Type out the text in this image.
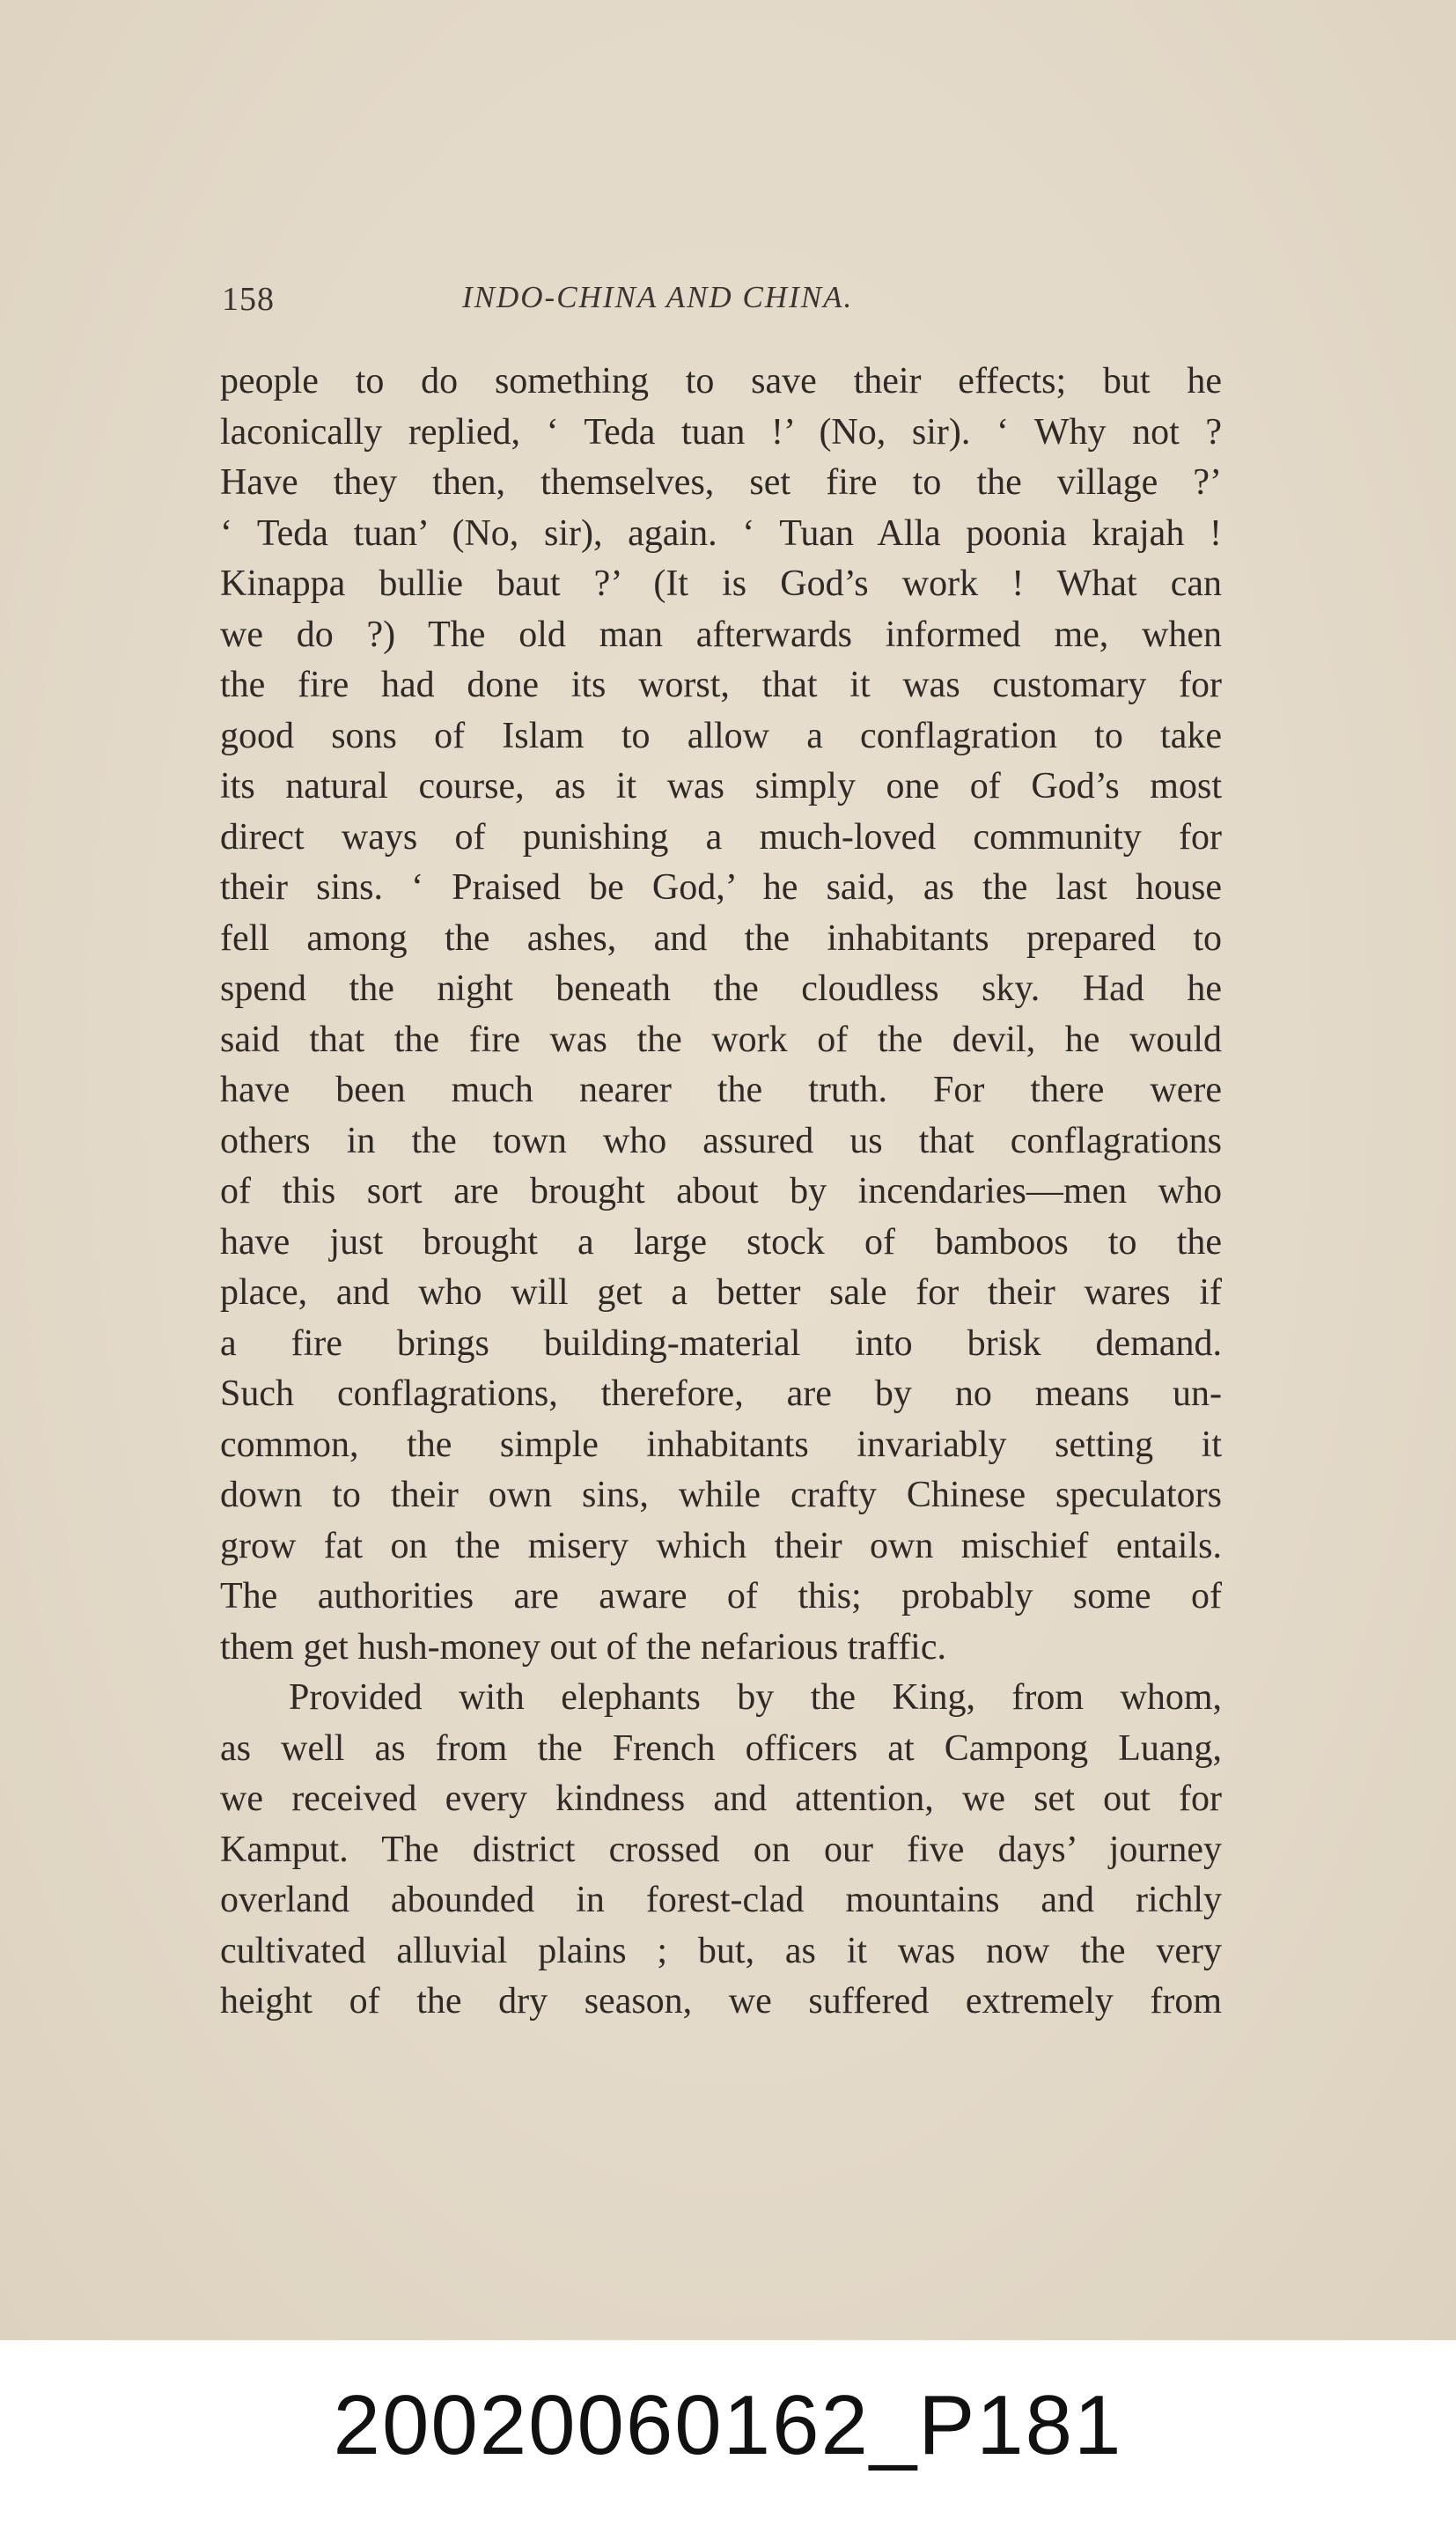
158	INDO-CHINA AND CHINA.
people to do something to save their effects; but he
laconically replied, ‘ Teda tuan !’ (No, sir). ‘ Why not ?
Have they then, themselves, set fire to the village ?’
‘ Teda tuan’ (No, sir), again. ‘ Tuan Alla poonia krajah !
Kinappa bullie baut ?’ (It is God’s work ! What can
we do ?) The old man afterwards informed me, when
the fire had done its worst, that it was customary for
good sons of Islam to allow a conflagration to take
its natural course, as it was simply one of God’s most
direct ways of punishing a much-loved community for
their sins. ‘ Praised be God,’ he said, as the last house
fell among the ashes, and the inhabitants prepared to
spend the night beneath the cloudless sky. Had he
said that the fire was the work of the devil, he would
have been much nearer the truth. For there were
others in the town who assured us that conflagrations
of this sort are brought about by incendaries—men who
have just brought a large stock of bamboos to the
place, and who will get a better sale for their wares if
a fire brings building-material into brisk demand.
Such conflagrations, therefore, are by no means un-
common, the simple inhabitants invariably setting it
down to their own sins, while crafty Chinese speculators
grow fat on the misery which their own mischief entails.
The authorities are aware of this; probably some of
them get hush-money out of the nefarious traffic.
Provided with elephants by the King, from whom,
as well as from the French officers at Campong Luang,
we received every kindness and attention, we set out for
Kamput. The district crossed on our five days’ journey
overland abounded in forest-clad mountains and richly
cultivated alluvial plains ; but, as it was now the very
height of the dry season, we suffered extremely from
20020060162_P181
